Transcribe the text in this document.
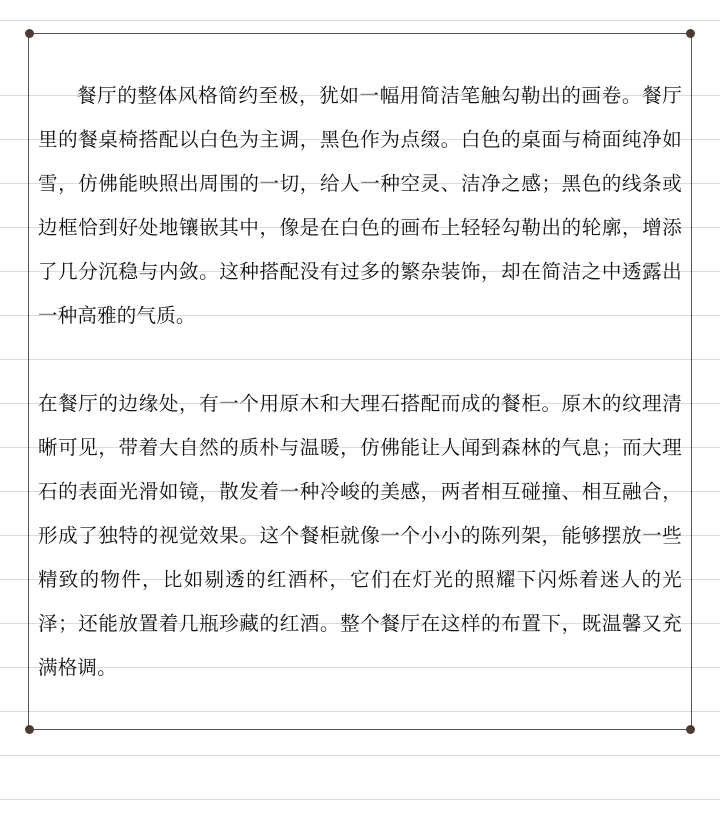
餐厅的整体风格简约至极，犹如一幅用简洁笔触勾勒出的画卷。餐厅里的餐桌椅搭配以白色为主调，黑色作为点缀。白色的桌面与椅面纯净如雪，仿佛能映照出周围的一切，给人一种空灵、洁净之感；黑色的线条或边框恰到好处地镶嵌其中，像是在白色的画布上轻轻勾勒出的轮廓，增添了几分沉稳与内敛。这种搭配没有过多的繁杂装饰，却在简洁之中透露出一种高雅的气质。

在餐厅的边缘处，有一个用原木和大理石搭配而成的餐柜。原木的纹理清晰可见，带着大自然的质朴与温暖，仿佛能让人闻到森林的气息；而大理石的表面光滑如镜，散发着一种冷峻的美感，两者相互碰撞、相互融合，形成了独特的视觉效果。这个餐柜就像一个小小的陈列架，能够摆放一些精致的物件，比如剔透的红酒杯，它们在灯光的照耀下闪烁着迷人的光泽；还能放置着几瓶珍藏的红酒。整个餐厅在这样的布置下，既温馨又充满格调。
